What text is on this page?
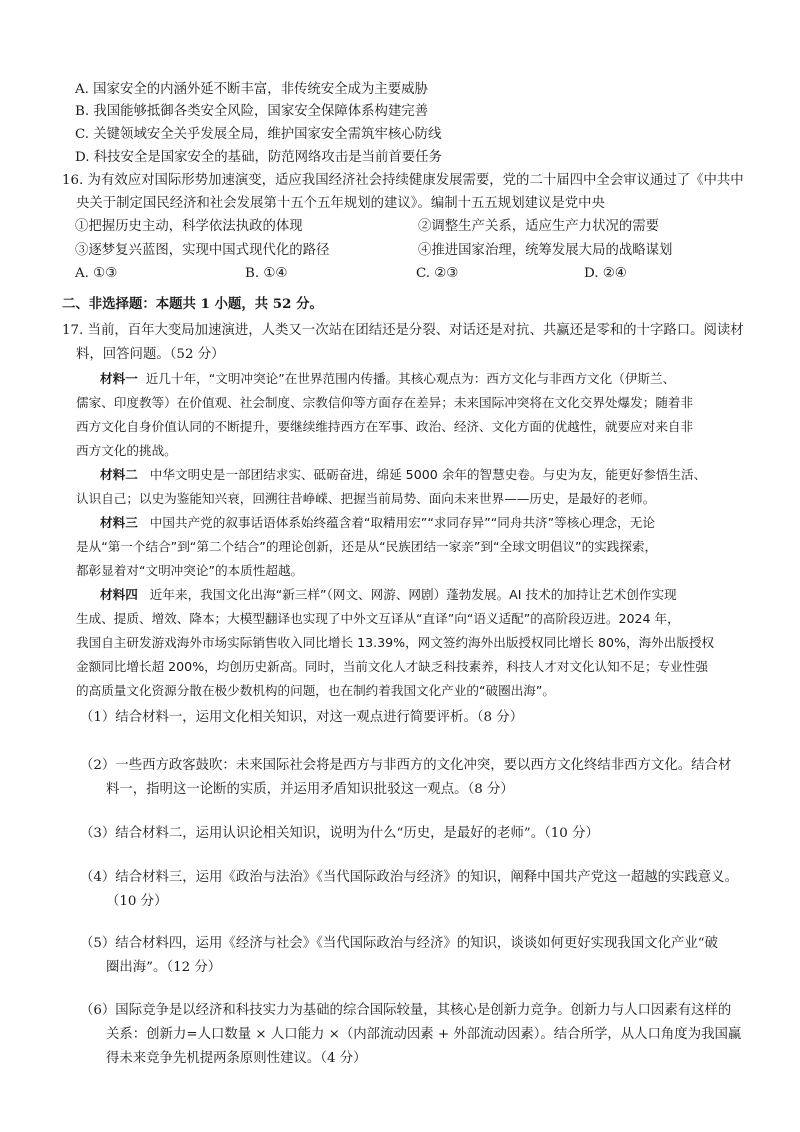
A. 国家安全的内涵外延不断丰富，非传统安全成为主要威胁
B. 我国能够抵御各类安全风险，国家安全保障体系构建完善
C. 关键领域安全关乎发展全局，维护国家安全需筑牢核心防线
D. 科技安全是国家安全的基础，防范网络攻击是当前首要任务
16. 为有效应对国际形势加速演变，适应我国经济社会持续健康发展需要，党的二十届四中全会审议通过了《中共中
央关于制定国民经济和社会发展第十五个五年规划的建议》。编制十五五规划建议是党中央
①把握历史主动，科学依法执政的体现	②调整生产关系，适应生产力状况的需要
③逐梦复兴蓝图，实现中国式现代化的路径	④推进国家治理，统筹发展大局的战略谋划
A. ①③	B. ①④	C. ②③	D. ②④
二、非选择题：本题共 1 小题，共 52 分。
17. 当前，百年大变局加速演进，人类又一次站在团结还是分裂、对话还是对抗、共赢还是零和的十字路口。阅读材
料，回答问题。（52 分）
材料一 近几十年，“文明冲突论”在世界范围内传播。其核心观点为：西方文化与非西方文化（伊斯兰、
儒家、印度教等）在价值观、社会制度、宗教信仰等方面存在差异；未来国际冲突将在文化交界处爆发；随着非
西方文化自身价值认同的不断提升，要继续维持西方在军事、政治、经济、文化方面的优越性，就要应对来自非
西方文化的挑战。
材料二 中华文明史是一部团结求实、砥砺奋进，绵延 5000 余年的智慧史卷。与史为友，能更好参悟生活、
认识自己；以史为鉴能知兴衰，回溯往昔峥嵘、把握当前局势、面向未来世界——历史，是最好的老师。
材料三 中国共产党的叙事话语体系始终蕴含着“取精用宏”“求同存异”“同舟共济”等核心理念，无论
是从“第一个结合”到“第二个结合”的理论创新，还是从“民族团结一家亲”到“全球文明倡议”的实践探索，
都彰显着对“文明冲突论”的本质性超越。
材料四 近年来，我国文化出海“新三样”（网文、网游、网剧）蓬勃发展。AI 技术的加持让艺术创作实现
生成、提质、增效、降本；大模型翻译也实现了中外文互译从“直译”向“语义适配”的高阶段迈进。2024 年，
我国自主研发游戏海外市场实际销售收入同比增长 13.39%，网文签约海外出版授权同比增长 80%，海外出版授权
金额同比增长超 200%，均创历史新高。同时，当前文化人才缺乏科技素养，科技人才对文化认知不足；专业性强
的高质量文化资源分散在极少数机构的问题，也在制约着我国文化产业的“破圈出海”。
（1）结合材料一，运用文化相关知识，对这一观点进行简要评析。（8 分）
（2）一些西方政客鼓吹：未来国际社会将是西方与非西方的文化冲突，要以西方文化终结非西方文化。结合材
料一，指明这一论断的实质，并运用矛盾知识批驳这一观点。（8 分）
（3）结合材料二，运用认识论相关知识，说明为什么“历史，是最好的老师”。（10 分）
（4）结合材料三，运用《政治与法治》《当代国际政治与经济》的知识，阐释中国共产党这一超越的实践意义。
（10 分）
（5）结合材料四，运用《经济与社会》《当代国际政治与经济》的知识，谈谈如何更好实现我国文化产业“破
圈出海”。（12 分）
（6）国际竞争是以经济和科技实力为基础的综合国际较量，其核心是创新力竞争。创新力与人口因素有这样的
关系：创新力=人口数量 × 人口能力 ×（内部流动因素 + 外部流动因素）。结合所学，从人口角度为我国赢
得未来竞争先机提两条原则性建议。（4 分）
